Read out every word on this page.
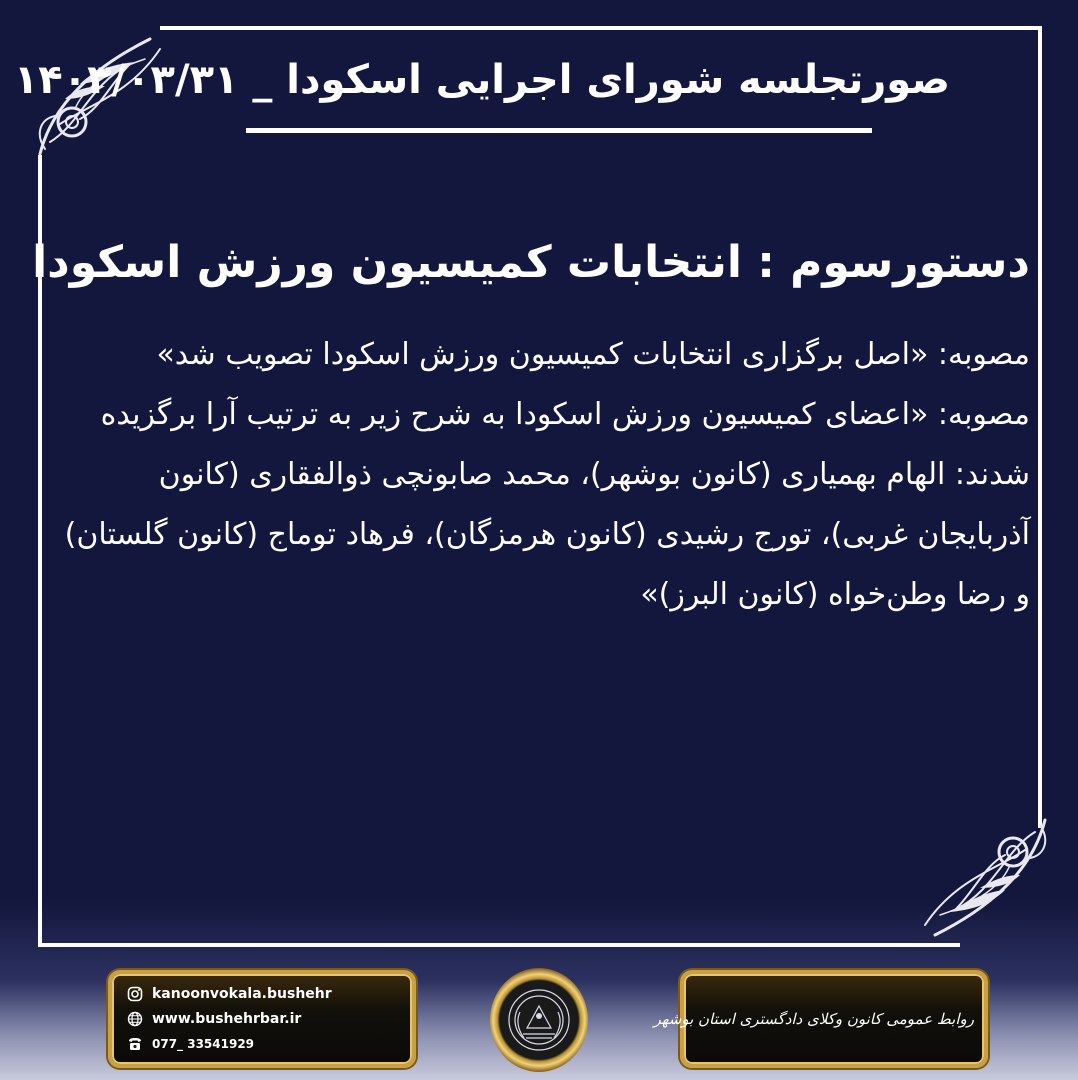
صورتجلسه شورای اجرایی اسکودا _ ۱۴۰۳/۰۳/۳۱
دستورسوم : انتخابات کمیسیون ورزش اسکودا

مصوبه: «اصل برگزاری انتخابات کمیسیون ورزش اسکودا تصویب شد»

مصوبه: «اعضای کمیسیون ورزش اسکودا به شرح زیر به ترتیب آرا برگزیده شدند: الهام بهمیاری (کانون بوشهر)، محمد صابونچی ذوالفقاری (کانون آذربایجان غربی)، تورج رشیدی (کانون هرمزگان)، فرهاد توماج (کانون گلستان) و رضا وطن‌خواه (کانون البرز)»

kanoonvokala.bushehr
www.bushehrbar.ir
077_ 33541929
روابط عمومی کانون وکلای دادگستری استان بوشهر
